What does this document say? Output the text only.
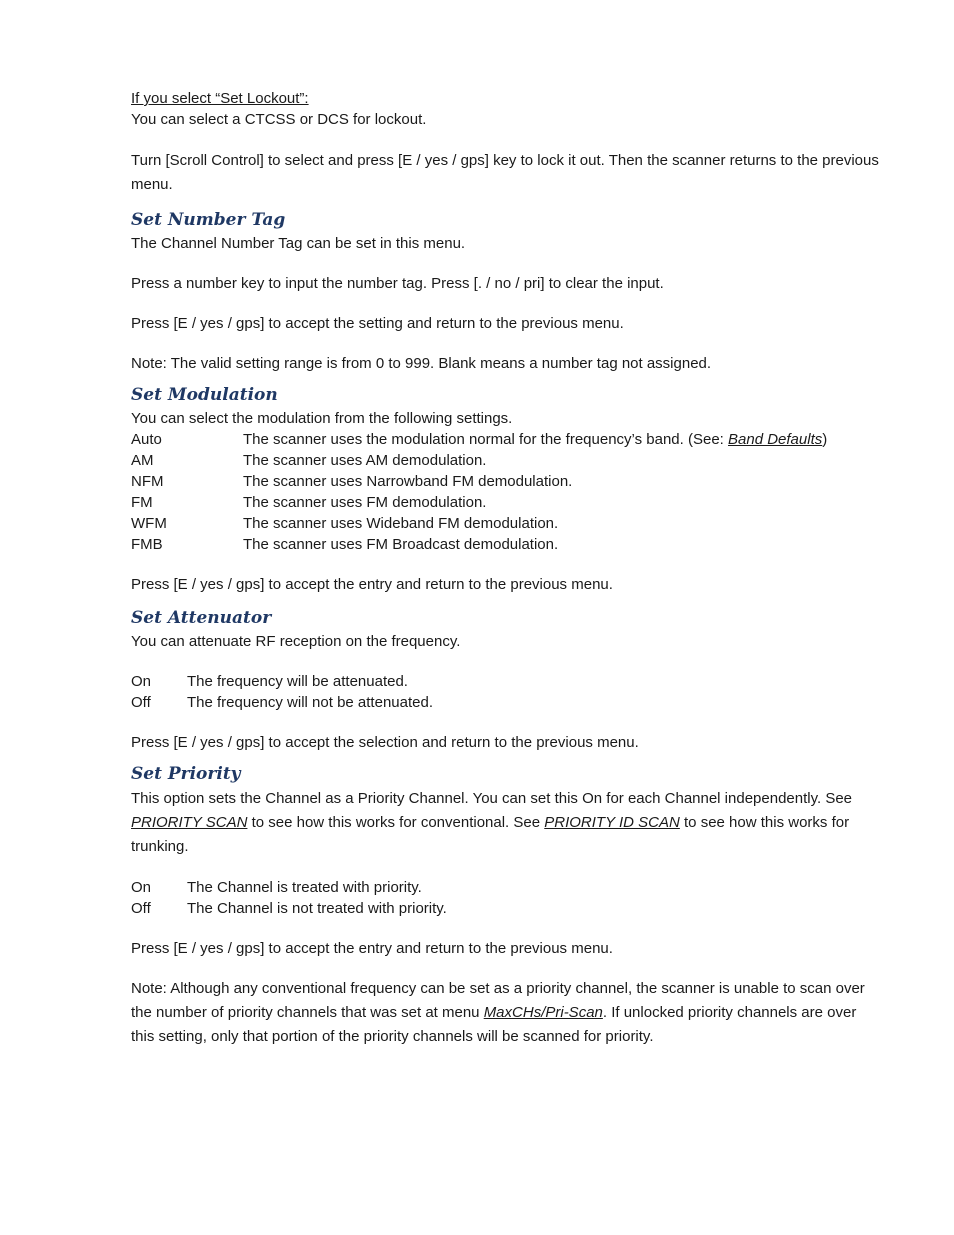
If you select “Set Lockout”:
You can select a CTCSS or DCS for lockout.

Turn [Scroll Control] to select and press [E / yes / gps] key to lock it out. Then the scanner returns to the previous menu.

Set Number Tag
The Channel Number Tag can be set in this menu.
Press a number key to input the number tag. Press [. / no / pri] to clear the input.
Press [E / yes / gps] to accept the setting and return to the previous menu.
Note: The valid setting range is from 0 to 999. Blank means a number tag not assigned.
Set Modulation
You can select the modulation from the following settings.
Auto	The scanner uses the modulation normal for the frequency’s band. (See: Band Defaults)
AM	The scanner uses AM demodulation.
NFM	The scanner uses Narrowband FM demodulation.
FM	The scanner uses FM demodulation.
WFM	The scanner uses Wideband FM demodulation.
FMB	The scanner uses FM Broadcast demodulation.
Press [E / yes / gps] to accept the entry and return to the previous menu.
Set Attenuator
You can attenuate RF reception on the frequency.
On	The frequency will be attenuated.
Off	The frequency will not be attenuated.
Press [E / yes / gps] to accept the selection and return to the previous menu.
Set Priority

This option sets the Channel as a Priority Channel. You can set this On for each Channel independently. See PRIORITY SCAN to see how this works for conventional. See PRIORITY ID SCAN to see how this works for trunking.

On	The Channel is treated with priority.
Off	The Channel is not treated with priority.
Press [E / yes / gps] to accept the entry and return to the previous menu.

Note: Although any conventional frequency can be set as a priority channel, the scanner is unable to scan over the number of priority channels that was set at menu MaxCHs/Pri-Scan. If unlocked priority channels are over this setting, only that portion of the priority channels will be scanned for priority.
